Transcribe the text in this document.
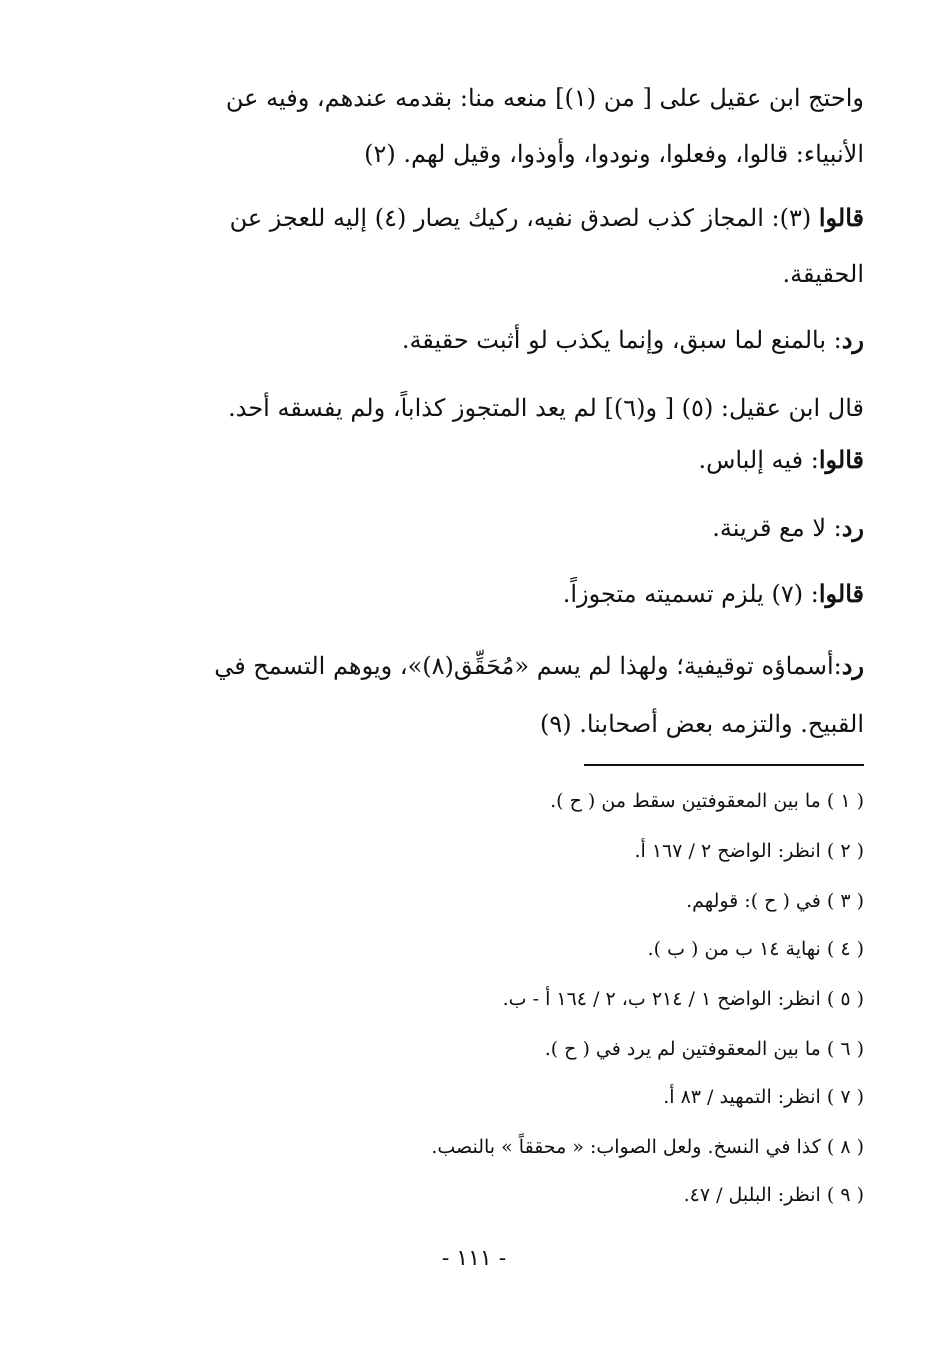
واحتج ابن عقيل على [ من (١)] منعه منا: بقدمه عندهم، وفيه عن
الأنبياء: قالوا، وفعلوا، ونودوا، وأوذوا، وقيل لهم. (٢)
قالوا (٣): المجاز كذب لصدق نفيه، ركيك يصار (٤) إليه للعجز عن
الحقيقة.
رد: بالمنع لما سبق، وإنما يكذب لو أثبت حقيقة.
قال ابن عقيل: (٥) [ و(٦)] لم يعد المتجوز كذاباً، ولم يفسقه أحد.
قالوا: فيه إلباس.
رد: لا مع قرينة.
قالوا: (٧) يلزم تسميته متجوزاً.
رد:أسماؤه توقيفية؛ ولهذا لم يسم «مُحَقِّق(٨)»، ويوهم التسمح في
القبيح. والتزمه بعض أصحابنا. (٩)
( ١ ) ما بين المعقوفتين سقط من ( ح ).
( ٢ ) انظر: الواضح ٢ / ١٦٧ أ.
( ٣ ) في ( ح ): قولهم.
( ٤ ) نهاية ١٤ ب من ( ب ).
( ٥ ) انظر: الواضح ١ / ٢١٤ ب، ٢ / ١٦٤ أ - ب.
( ٦ ) ما بين المعقوفتين لم يرد في ( ح ).
( ٧ ) انظر: التمهيد / ٨٣ أ.
( ٨ ) كذا في النسخ. ولعل الصواب: « محققاً » بالنصب.
( ٩ ) انظر: البلبل / ٤٧.
- ١١١ -
